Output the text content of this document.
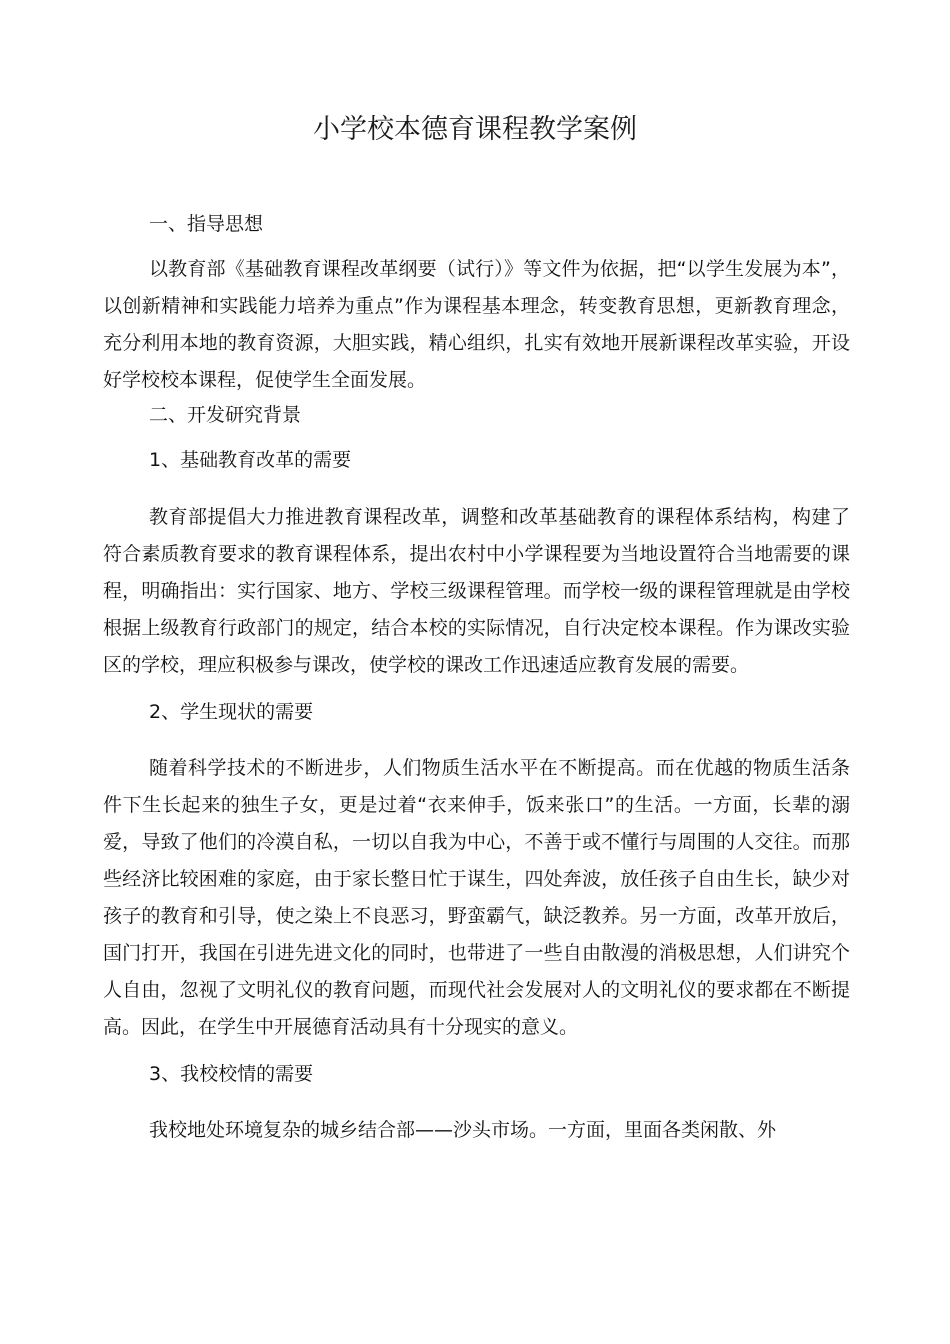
小学校本德育课程教学案例
一、指导思想

以教育部《基础教育课程改革纲要（试行）》等文件为依据，把“以学生发展为本”，以创新精神和实践能力培养为重点”作为课程基本理念，转变教育思想，更新教育理念，充分利用本地的教育资源，大胆实践，精心组织，扎实有效地开展新课程改革实验，开设好学校校本课程，促使学生全面发展。

二、开发研究背景
1、基础教育改革的需要

教育部提倡大力推进教育课程改革，调整和改革基础教育的课程体系结构，构建了符合素质教育要求的教育课程体系，提出农村中小学课程要为当地设置符合当地需要的课程，明确指出：实行国家、地方、学校三级课程管理。而学校一级的课程管理就是由学校根据上级教育行政部门的规定，结合本校的实际情况，自行决定校本课程。作为课改实验区的学校，理应积极参与课改，使学校的课改工作迅速适应教育发展的需要。

2、学生现状的需要

随着科学技术的不断进步，人们物质生活水平在不断提高。而在优越的物质生活条件下生长起来的独生子女，更是过着“衣来伸手，饭来张口”的生活。一方面，长辈的溺爱，导致了他们的冷漠自私，一切以自我为中心，不善于或不懂行与周围的人交往。而那些经济比较困难的家庭，由于家长整日忙于谋生，四处奔波，放任孩子自由生长，缺少对孩子的教育和引导，使之染上不良恶习，野蛮霸气，缺泛教养。另一方面，改革开放后，国门打开，我国在引进先进文化的同时，也带进了一些自由散漫的消极思想，人们讲究个人自由，忽视了文明礼仪的教育问题，而现代社会发展对人的文明礼仪的要求都在不断提高。因此，在学生中开展德育活动具有十分现实的意义。

3、我校校情的需要

我校地处环境复杂的城乡结合部——沙头市场。一方面，里面各类闲散、外
